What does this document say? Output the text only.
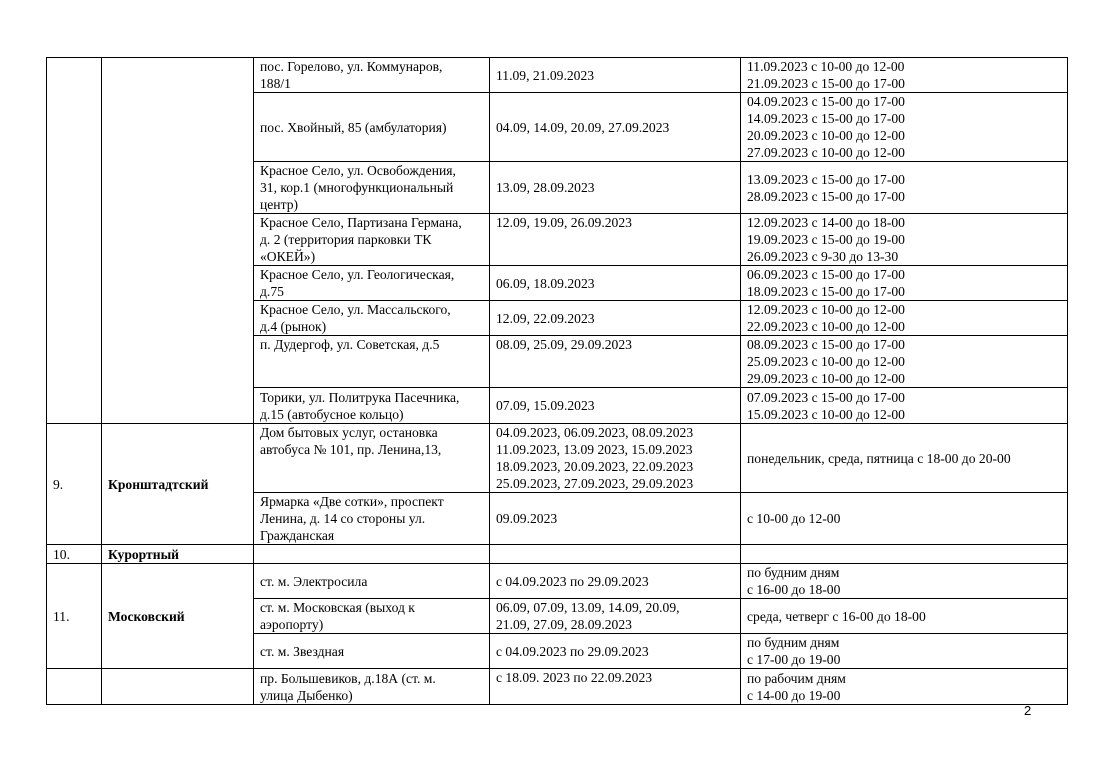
		пос. Горелово, ул. Коммунаров,
188/1	11.09, 21.09.2023	11.09.2023 с 10-00 до 12-00
21.09.2023 с 15-00 до 17-00
		пос. Хвойный, 85 (амбулатория)	04.09, 14.09, 20.09, 27.09.2023	04.09.2023 с 15-00 до 17-00
14.09.2023 с 15-00 до 17-00
20.09.2023 с 10-00 до 12-00
27.09.2023 с 10-00 до 12-00
		Красное Село, ул. Освобождения,
31, кор.1 (многофункциональный
центр)	13.09, 28.09.2023	13.09.2023 с 15-00 до 17-00
28.09.2023 с 15-00 до 17-00
		Красное Село, Партизана Германа,
д. 2 (территория парковки ТК
«ОКЕЙ»)	12.09, 19.09, 26.09.2023	12.09.2023 с 14-00 до 18-00
19.09.2023 с 15-00 до 19-00
26.09.2023 с 9-30 до 13-30
		Красное Село, ул. Геологическая,
д.75	06.09, 18.09.2023	06.09.2023 с 15-00 до 17-00
18.09.2023 с 15-00 до 17-00
		Красное Село, ул. Массальского,
д.4 (рынок)	12.09, 22.09.2023	12.09.2023 с 10-00 до 12-00
22.09.2023 с 10-00 до 12-00
		п. Дудергоф, ул. Советская, д.5	08.09, 25.09, 29.09.2023	08.09.2023 с 15-00 до 17-00
25.09.2023 с 10-00 до 12-00
29.09.2023 с 10-00 до 12-00
		Торики, ул. Политрука Пасечника,
д.15 (автобусное кольцо)	07.09, 15.09.2023	07.09.2023 с 15-00 до 17-00
15.09.2023 с 10-00 до 12-00
9.	Кронштадтский	Дом бытовых услуг, остановка
автобуса № 101, пр. Ленина,13,	04.09.2023, 06.09.2023, 08.09.2023
11.09.2023, 13.09 2023, 15.09.2023
18.09.2023, 20.09.2023, 22.09.2023
25.09.2023, 27.09.2023, 29.09.2023	понедельник, среда, пятница с 18-00 до 20-00
		Ярмарка «Две сотки», проспект
Ленина, д. 14 со стороны ул.
Гражданская	09.09.2023	с 10-00 до 12-00
10.	Курортный			
11.	Московский	ст. м. Электросила	с 04.09.2023 по 29.09.2023	по будним дням
с 16-00 до 18-00
		ст. м. Московская (выход к
аэропорту)	06.09, 07.09, 13.09, 14.09, 20.09,
21.09, 27.09, 28.09.2023	среда, четверг с 16-00 до 18-00
		ст. м. Звездная	с 04.09.2023 по 29.09.2023	по будним дням
с 17-00 до 19-00
		пр. Большевиков, д.18А (ст. м.
улица Дыбенко)	с 18.09. 2023 по 22.09.2023	по рабочим дням
с 14-00 до 19-00
2
